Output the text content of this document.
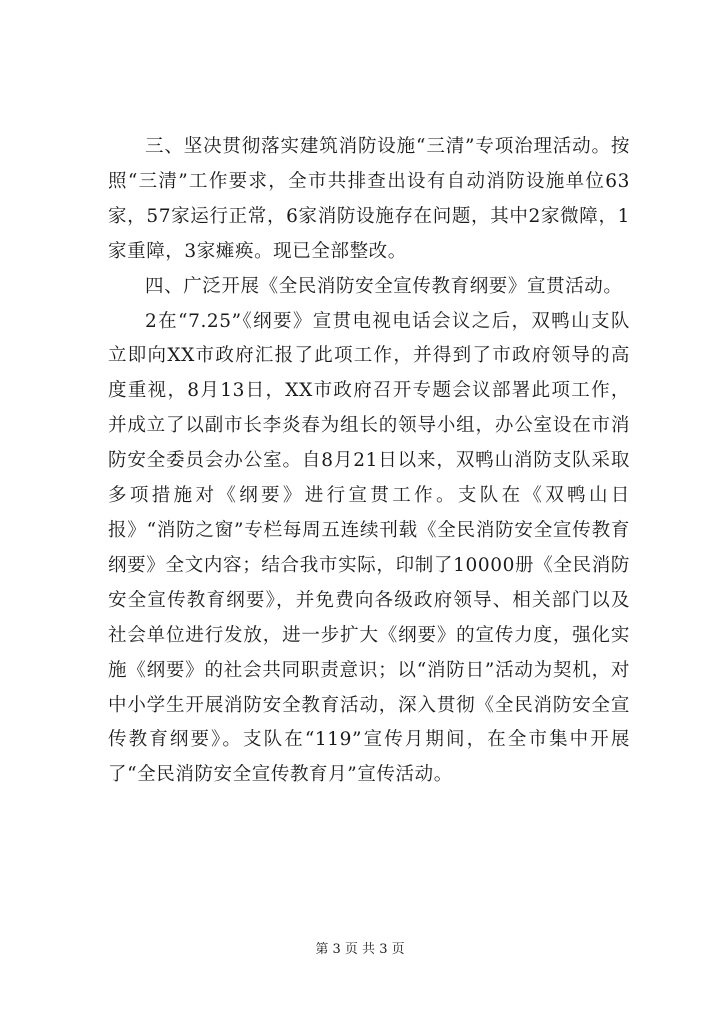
三、坚决贯彻落实建筑消防设施“三清”专项治理活动。按照“三清”工作要求，全市共排查出设有自动消防设施单位63家，57家运行正常，6家消防设施存在问题，其中2家微障，1家重障，3家瘫痪。现已全部整改。

四、广泛开展《全民消防安全宣传教育纲要》宣贯活动。

2在“7.25”《纲要》宣贯电视电话会议之后，双鸭山支队立即向XX市政府汇报了此项工作，并得到了市政府领导的高度重视，8月13日，XX市政府召开专题会议部署此项工作，并成立了以副市长李炎春为组长的领导小组，办公室设在市消防安全委员会办公室。自8月21日以来，双鸭山消防支队采取多项措施对《纲要》进行宣贯工作。支队在《双鸭山日报》“消防之窗”专栏每周五连续刊载《全民消防安全宣传教育纲要》全文内容；结合我市实际，印制了10000册《全民消防安全宣传教育纲要》，并免费向各级政府领导、相关部门以及社会单位进行发放，进一步扩大《纲要》的宣传力度，强化实施《纲要》的社会共同职责意识；以“消防日”活动为契机，对中小学生开展消防安全教育活动，深入贯彻《全民消防安全宣传教育纲要》。支队在“119”宣传月期间，在全市集中开展了“全民消防安全宣传教育月”宣传活动。

第 3 页 共 3 页
